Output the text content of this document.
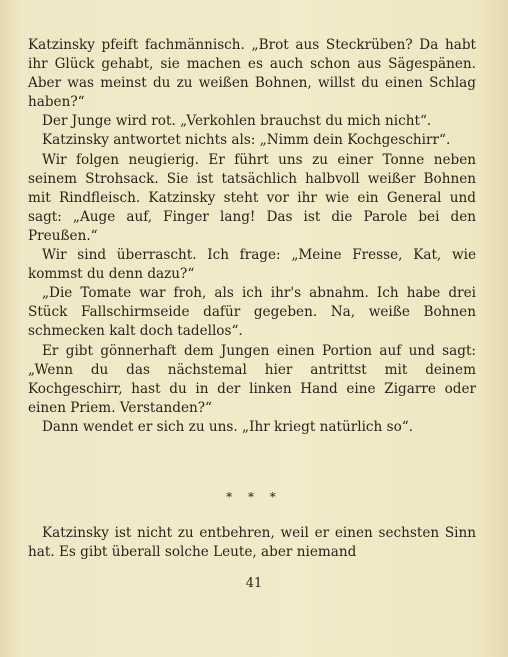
Katzinsky pfeift fachmännisch. „Brot aus Steckrüben? Da habt ihr Glück gehabt, sie machen es auch schon aus Sägespänen. Aber was meinst du zu weißen Bohnen, willst du einen Schlag haben?“

Der Junge wird rot. „Verkohlen brauchst du mich nicht“.

Katzinsky antwortet nichts als: „Nimm dein Kochgeschirr“.

Wir folgen neugierig. Er führt uns zu einer Tonne neben seinem Strohsack. Sie ist tatsächlich halbvoll weißer Bohnen mit Rindfleisch. Katzinsky steht vor ihr wie ein General und sagt: „Auge auf, Finger lang! Das ist die Parole bei den Preußen.“

Wir sind überrascht. Ich frage: „Meine Fresse, Kat, wie kommst du denn dazu?“

„Die Tomate war froh, als ich ihr's abnahm. Ich habe drei Stück Fallschirmseide dafür gegeben. Na, weiße Bohnen schmecken kalt doch tadellos“.

Er gibt gönnerhaft dem Jungen einen Portion auf und sagt: „Wenn du das nächstemal hier antrittst mit deinem Kochgeschirr, hast du in der linken Hand eine Zigarre oder einen Priem. Verstanden?“

Dann wendet er sich zu uns. „Ihr kriegt natürlich so“.

* * *

Katzinsky ist nicht zu entbehren, weil er einen sechsten Sinn hat. Es gibt überall solche Leute, aber niemand

41
